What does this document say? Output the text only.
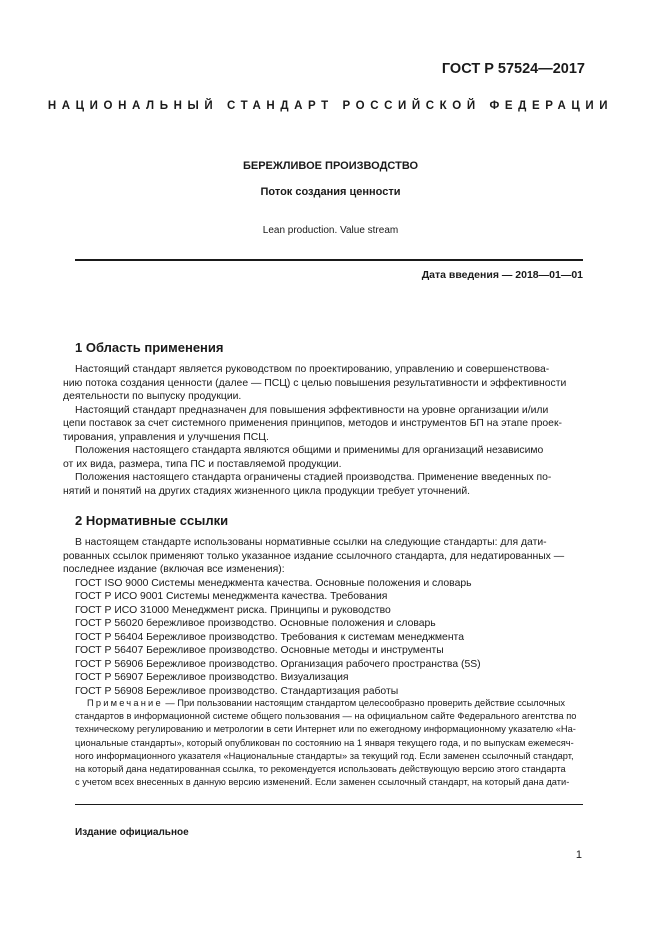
ГОСТ Р 57524—2017
НАЦИОНАЛЬНЫЙ СТАНДАРТ РОССИЙСКОЙ ФЕДЕРАЦИИ
БЕРЕЖЛИВОЕ ПРОИЗВОДСТВО
Поток создания ценности
Lean production. Value stream
Дата введения — 2018—01—01
1 Область применения
Настоящий стандарт является руководством по проектированию, управлению и совершенствова-
нию потока создания ценности (далее — ПСЦ) с целью повышения результативности и эффективности
деятельности по выпуску продукции.
Настоящий стандарт предназначен для повышения эффективности на уровне организации и/или
цепи поставок за счет системного применения принципов, методов и инструментов БП на этапе проек-
тирования, управления и улучшения ПСЦ.
Положения настоящего стандарта являются общими и применимы для организаций независимо
от их вида, размера, типа ПС и поставляемой продукции.
Положения настоящего стандарта ограничены стадией производства. Применение введенных по-
нятий и понятий на других стадиях жизненного цикла продукции требует уточнений.
2 Нормативные ссылки
В настоящем стандарте использованы нормативные ссылки на следующие стандарты: для дати-
рованных ссылок применяют только указанное издание ссылочного стандарта, для недатированных —
последнее издание (включая все изменения):
ГОСТ ISO 9000 Системы менеджмента качества. Основные положения и словарь
ГОСТ Р ИСО 9001 Системы менеджмента качества. Требования
ГОСТ Р ИСО 31000 Менеджмент риска. Принципы и руководство
ГОСТ Р 56020 бережливое производство. Основные положения и словарь
ГОСТ Р 56404 Бережливое производство. Требования к системам менеджмента
ГОСТ Р 56407 Бережливое производство. Основные методы и инструменты
ГОСТ Р 56906 Бережливое производство. Организация рабочего пространства (5S)
ГОСТ Р 56907 Бережливое производство. Визуализация
ГОСТ Р 56908 Бережливое производство. Стандартизация работы
Примечание — При пользовании настоящим стандартом целесообразно проверить действие ссылочных
стандартов в информационной системе общего пользования — на официальном сайте Федерального агентства по
техническому регулированию и метрологии в сети Интернет или по ежегодному информационному указателю «На-
циональные стандарты», который опубликован по состоянию на 1 января текущего года, и по выпускам ежемесяч-
ного информационного указателя «Национальные стандарты» за текущий год. Если заменен ссылочный стандарт,
на который дана недатированная ссылка, то рекомендуется использовать действующую версию этого стандарта
с учетом всех внесенных в данную версию изменений. Если заменен ссылочный стандарт, на который дана дати-
Издание официальное
1
